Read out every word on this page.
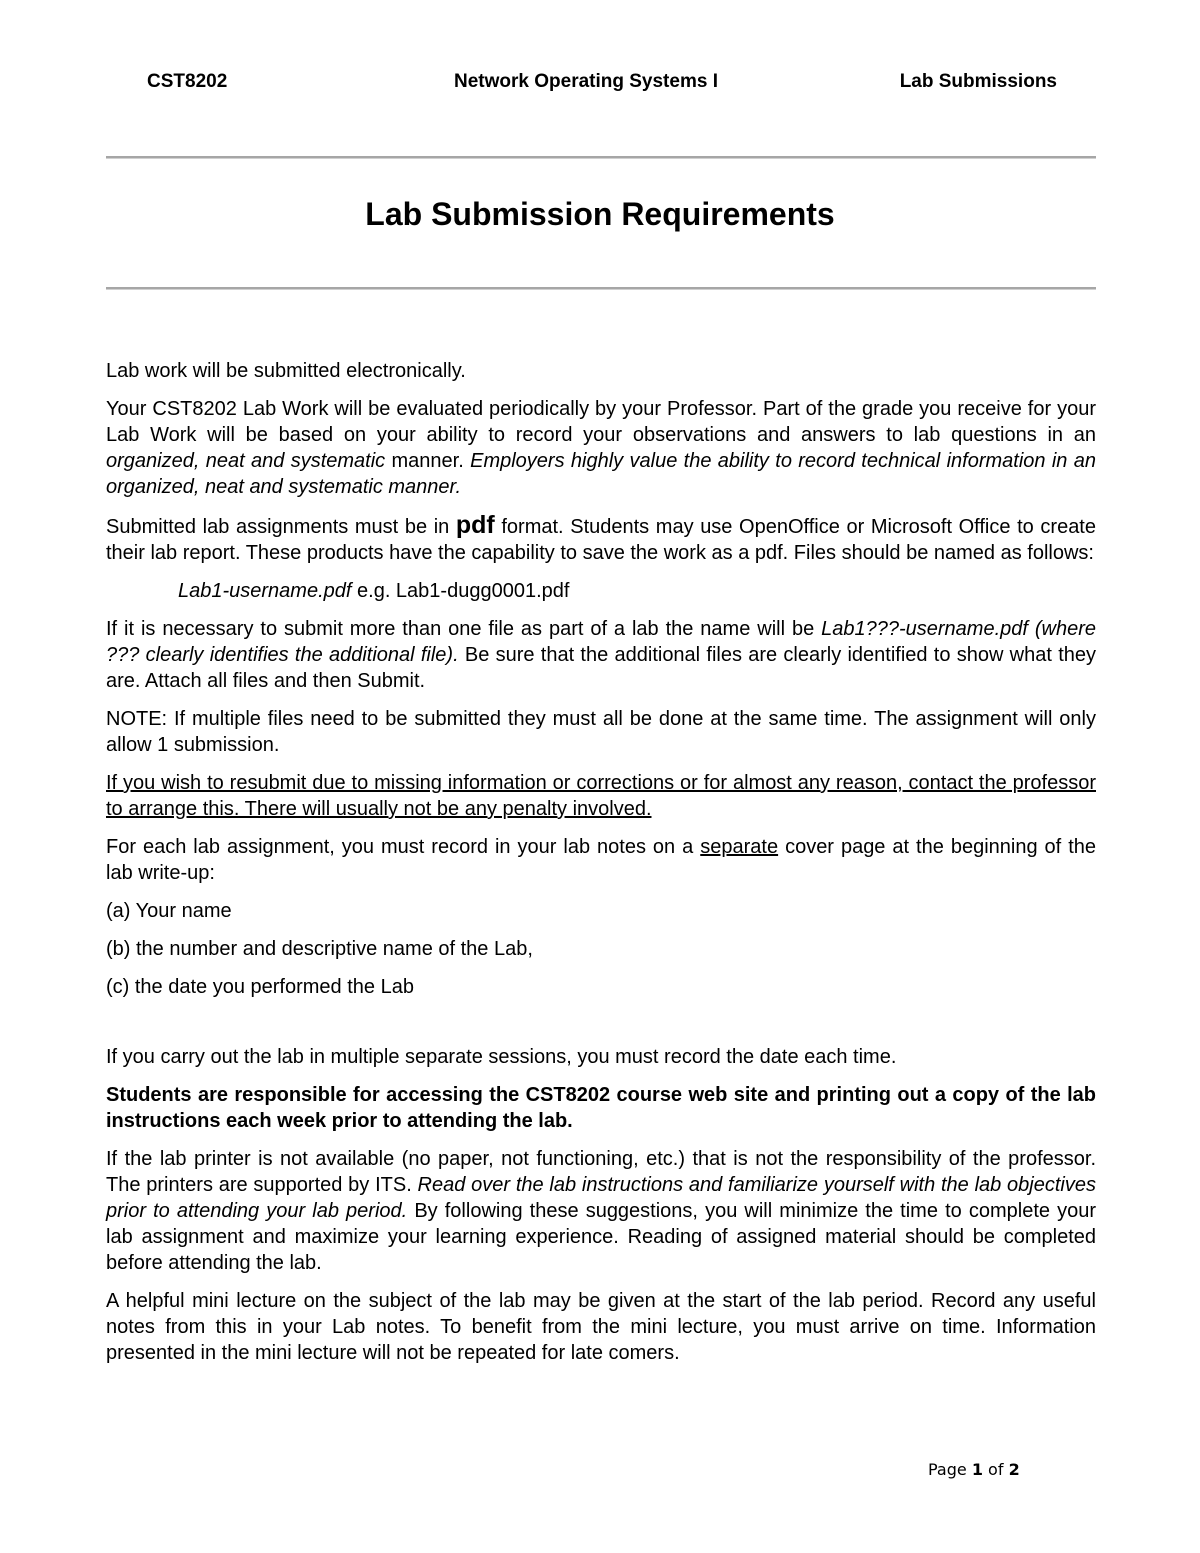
CST8202	Network Operating Systems I	Lab Submissions
Lab Submission Requirements

Lab work will be submitted electronically.

Your CST8202 Lab Work will be evaluated periodically by your Professor. Part of the grade you receive for your Lab Work will be based on your ability to record your observations and answers to lab questions in an organized, neat and systematic manner. Employers highly value the ability to record technical information in an organized, neat and systematic manner.

Submitted lab assignments must be in pdf format. Students may use OpenOffice or Microsoft Office to create their lab report. These products have the capability to save the work as a pdf. Files should be named as follows:

Lab1-username.pdf e.g. Lab1-dugg0001.pdf

If it is necessary to submit more than one file as part of a lab the name will be Lab1???-username.pdf (where ??? clearly identifies the additional file). Be sure that the additional files are clearly identified to show what they are. Attach all files and then Submit.

NOTE: If multiple files need to be submitted they must all be done at the same time. The assignment will only allow 1 submission.

If you wish to resubmit due to missing information or corrections or for almost any reason, contact the professor to arrange this. There will usually not be any penalty involved.

For each lab assignment, you must record in your lab notes on a separate cover page at the beginning of the lab write-up:

(a) Your name

(b) the number and descriptive name of the Lab,

(c) the date you performed the Lab

If you carry out the lab in multiple separate sessions, you must record the date each time.

Students are responsible for accessing the CST8202 course web site and printing out a copy of the lab instructions each week prior to attending the lab.

If the lab printer is not available (no paper, not functioning, etc.) that is not the responsibility of the professor. The printers are supported by ITS. Read over the lab instructions and familiarize yourself with the lab objectives prior to attending your lab period. By following these suggestions, you will minimize the time to complete your lab assignment and maximize your learning experience. Reading of assigned material should be completed before attending the lab.

A helpful mini lecture on the subject of the lab may be given at the start of the lab period. Record any useful notes from this in your Lab notes. To benefit from the mini lecture, you must arrive on time. Information presented in the mini lecture will not be repeated for late comers.

Page 1 of 2
